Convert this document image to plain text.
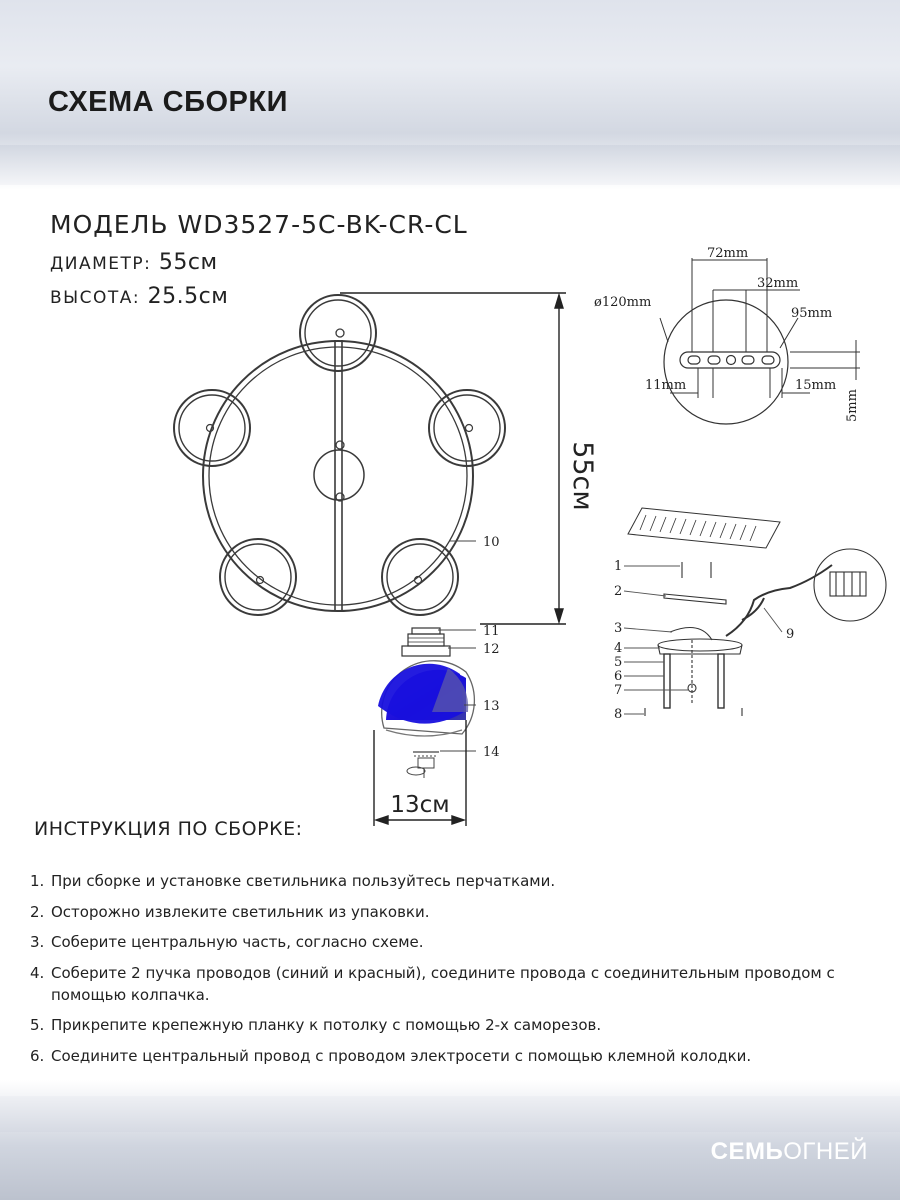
СХЕМА СБОРКИ
МОДЕЛЬ WD3527-5C-BK-CR-CL
ДИАМЕТР: 55см
ВЫСОТА: 25.5см
55см
10
11
12
13
14
13см
72mm
32mm
ø120mm
95mm
11mm	15mm
5mm
1
2
3
4
5
6
7
8
9
ИНСТРУКЦИЯ ПО СБОРКЕ:
1. При сборке и установке светильника пользуйтесь перчатками.
2. Осторожно извлеките светильник из упаковки.
3. Соберите центральную часть, согласно схеме.
4. Соберите 2 пучка проводов (синий и красный), соедините провода с соединительным проводом с помощью колпачка.
5. Прикрепите крепежную планку к потолку с помощью 2-х саморезов.
6. Соедините центральный провод с проводом электросети с помощью клемной колодки.
СЕМЬОГНЕЙ
